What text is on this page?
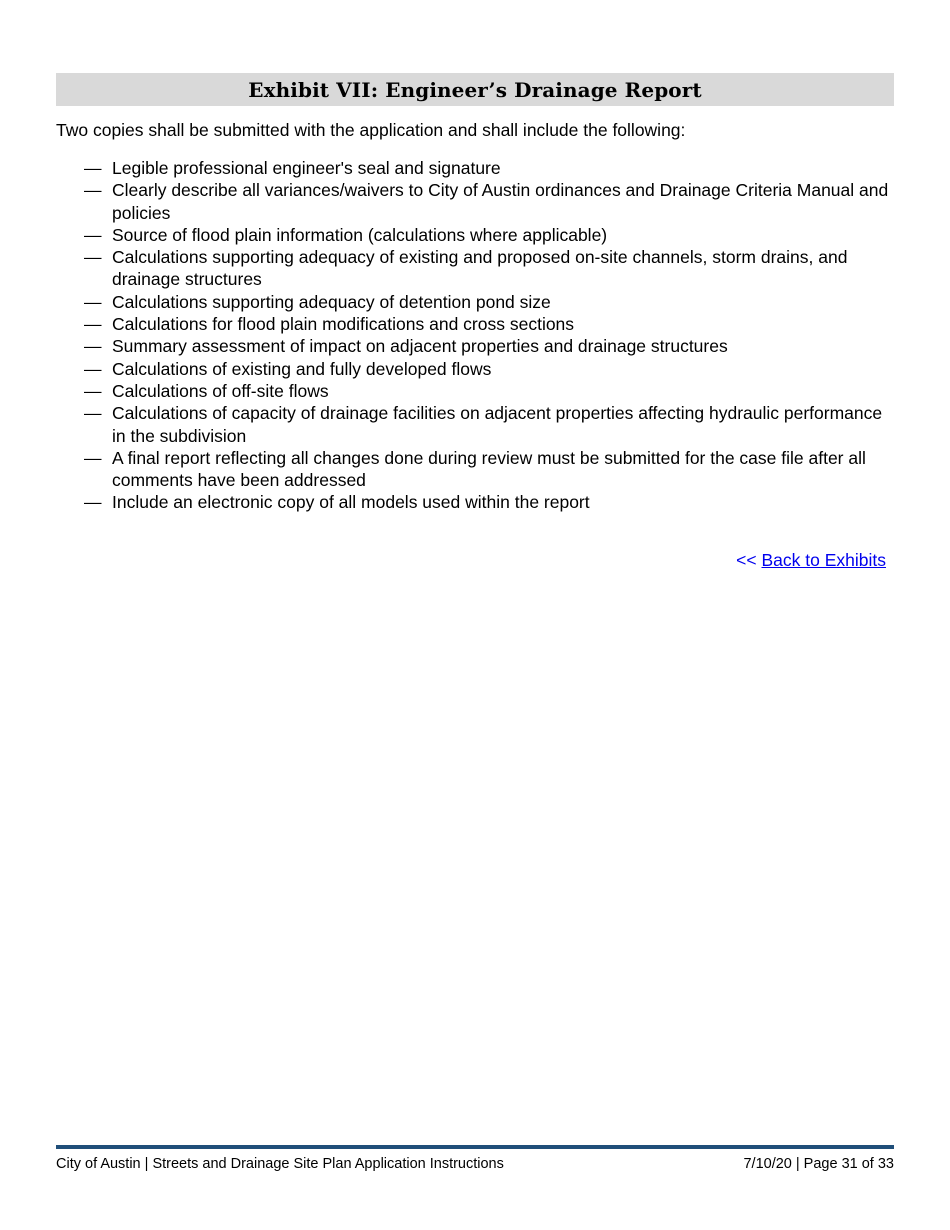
Exhibit VII: Engineer’s Drainage Report

Two copies shall be submitted with the application and shall include the following:

— Legible professional engineer's seal and signature
— Clearly describe all variances/waivers to City of Austin ordinances and Drainage Criteria Manual and policies
— Source of flood plain information (calculations where applicable)
— Calculations supporting adequacy of existing and proposed on-site channels, storm drains, and drainage structures
— Calculations supporting adequacy of detention pond size
— Calculations for flood plain modifications and cross sections
— Summary assessment of impact on adjacent properties and drainage structures
— Calculations of existing and fully developed flows
— Calculations of off-site flows
— Calculations of capacity of drainage facilities on adjacent properties affecting hydraulic performance in the subdivision
— A final report reflecting all changes done during review must be submitted for the case file after all comments have been addressed
— Include an electronic copy of all models used within the report
<< Back to Exhibits
City of Austin | Streets and Drainage Site Plan Application Instructions	7/10/20 | Page 31 of 33
